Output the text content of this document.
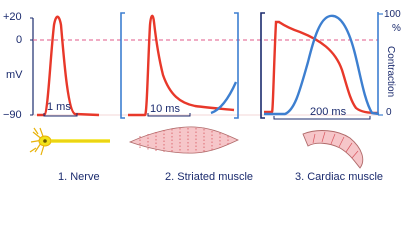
+20
0
mV
−90
100
%
Contraction
0
1 ms	10 ms	200 ms
1. Nerve	2. Striated muscle	3. Cardiac muscle
